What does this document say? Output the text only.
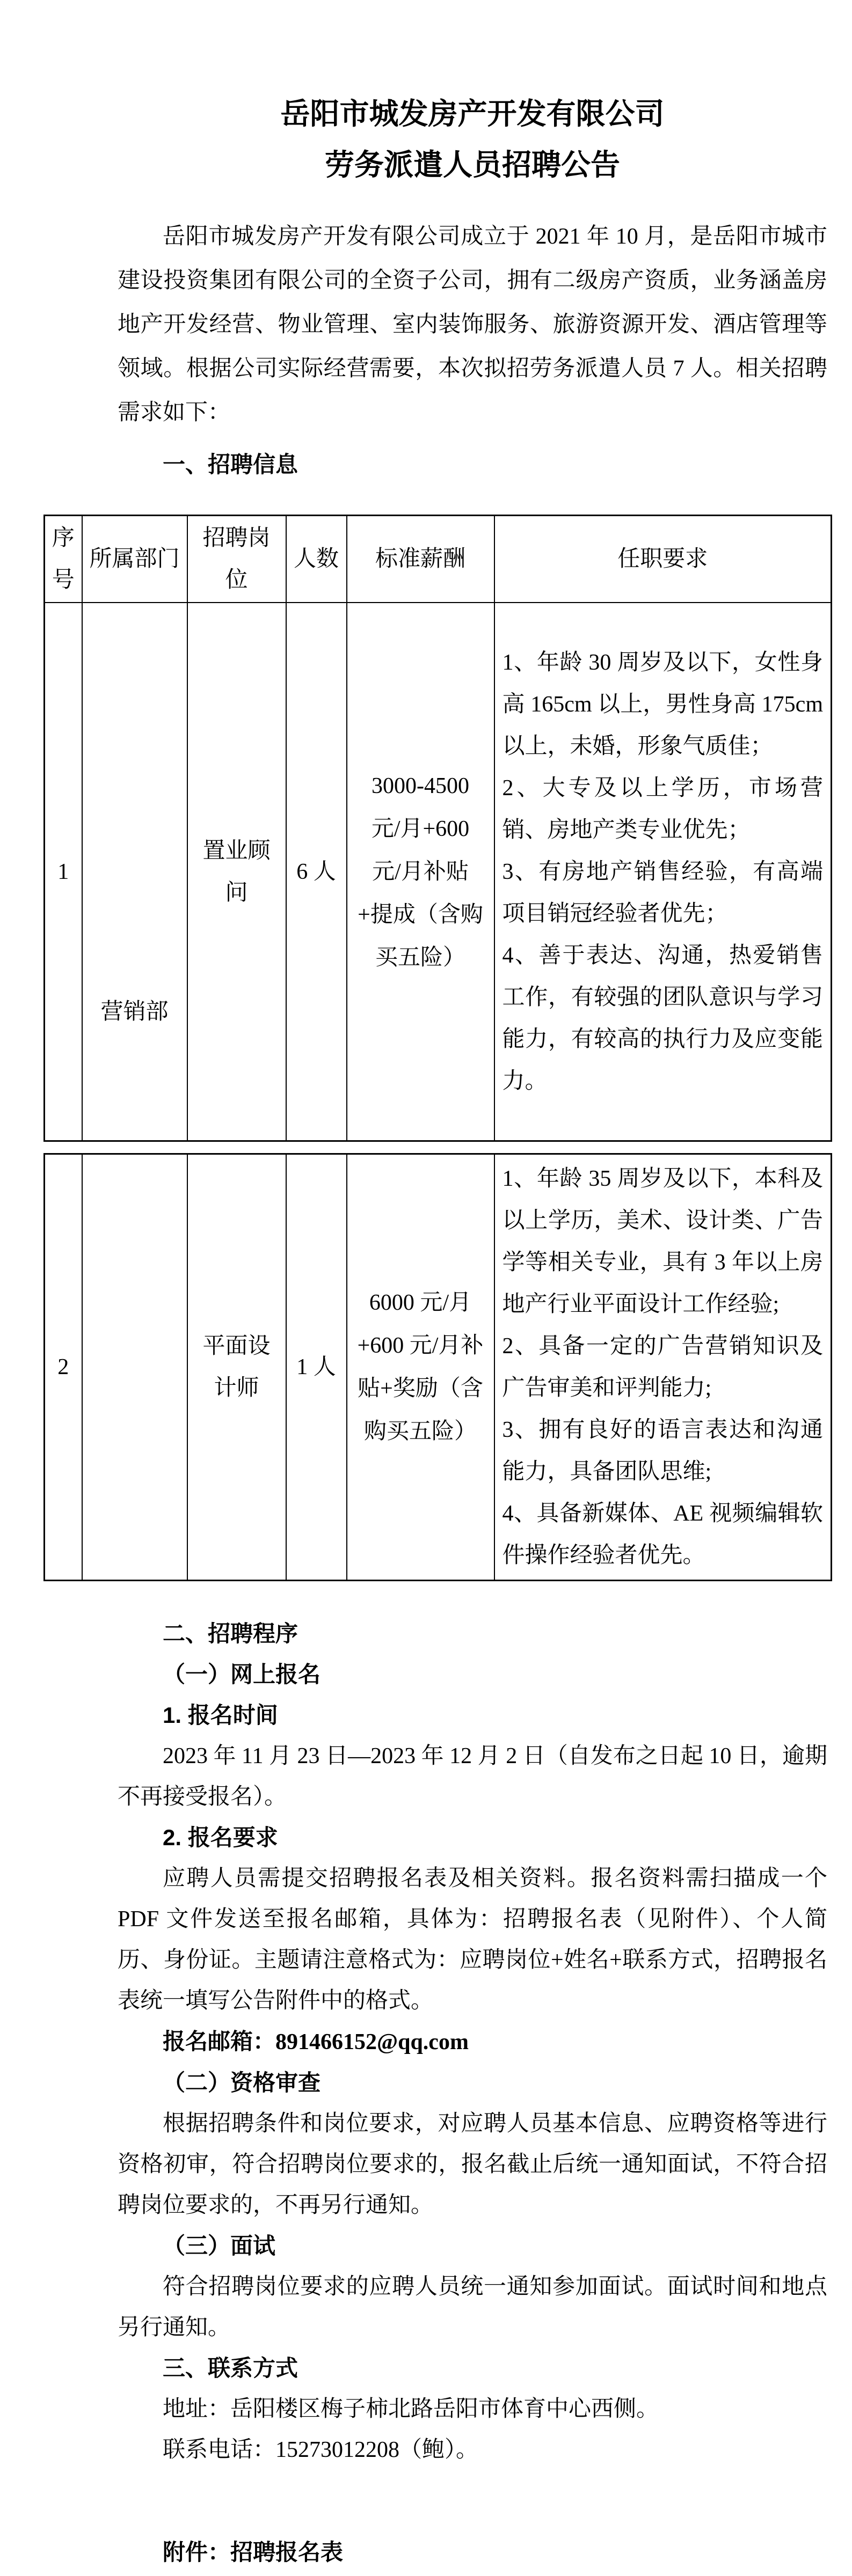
岳阳市城发房产开发有限公司
劳务派遣人员招聘公告

岳阳市城发房产开发有限公司成立于 2021 年 10 月，是岳阳市城市建设投资集团有限公司的全资子公司，拥有二级房产资质，业务涵盖房地产开发经营、物业管理、室内装饰服务、旅游资源开发、酒店管理等领域。根据公司实际经营需要，本次拟招劳务派遣人员 7 人。相关招聘需求如下：

一、招聘信息
序号	所属部门	招聘岗位	人数	标准薪酬	任职要求
1	营销部	置业顾问	6 人	3000-4500 元/月+600 元/月补贴+提成（含购买五险）	1、年龄 30 周岁及以下，女性身高 165cm 以上，男性身高 175cm 以上，未婚，形象气质佳；

2、大专及以上学历，市场营销、房地产类专业优先；

3、有房地产销售经验，有高端项目销冠经验者优先；

4、善于表达、沟通，热爱销售工作，有较强的团队意识与学习能力，有较高的执行力及应变能力。

2		平面设计师	1 人	6000 元/月+600 元/月补贴+奖励（含购买五险）	

1、年龄 35 周岁及以下，本科及以上学历，美术、设计类、广告学等相关专业，具有 3 年以上房地产行业平面设计工作经验;

2、具备一定的广告营销知识及广告审美和评判能力;

3、拥有良好的语言表达和沟通能力，具备团队思维;

4、具备新媒体、AE 视频编辑软件操作经验者优先。

二、招聘程序
（一）网上报名
1. 报名时间

2023 年 11 月 23 日—2023 年 12 月 2 日（自发布之日起 10 日，逾期不再接受报名）。

2. 报名要求

应聘人员需提交招聘报名表及相关资料。报名资料需扫描成一个 PDF 文件发送至报名邮箱，具体为：招聘报名表（见附件）、个人简历、身份证。主题请注意格式为：应聘岗位+姓名+联系方式，招聘报名表统一填写公告附件中的格式。

报名邮箱：891466152@qq.com

（二）资格审查

根据招聘条件和岗位要求，对应聘人员基本信息、应聘资格等进行资格初审，符合招聘岗位要求的，报名截止后统一通知面试，不符合招聘岗位要求的，不再另行通知。

（三）面试

符合招聘岗位要求的应聘人员统一通知参加面试。面试时间和地点另行通知。

三、联系方式

地址：岳阳楼区梅子柿北路岳阳市体育中心西侧。

联系电话：15273012208（鲍）。

附件：招聘报名表
